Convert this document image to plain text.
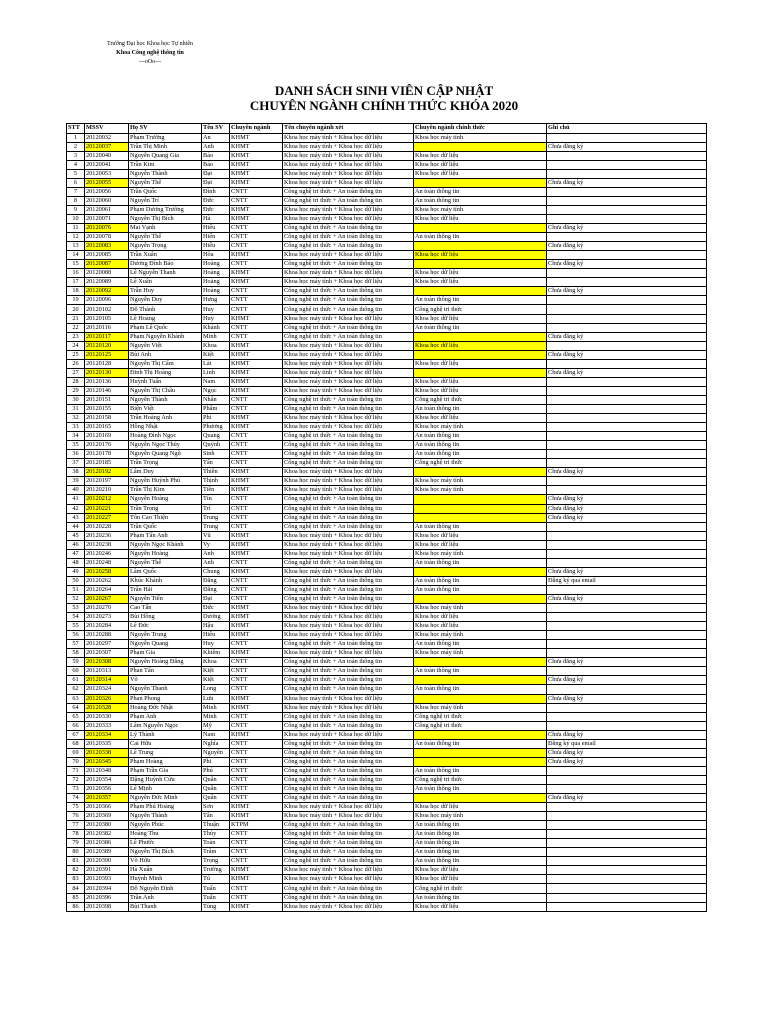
Trường Đại học Khoa học Tự nhiên
Khoa Công nghệ thông tin
---oOo---
DANH SÁCH SINH VIÊN CẬP NHẬT
CHUYÊN NGÀNH CHÍNH THỨC KHÓA 2020
STT	MSSV	Họ SV	Tên SV	Chuyên ngành	Tên chuyên ngành xét	Chuyên ngành chính thức	Ghi chú
1	20120032	Phạm Trường	An	KHMT	Khoa học máy tính + Khoa học dữ liệu	Khoa học máy tính	
2	20120037	Trần Thị Minh	Anh	KHMT	Khoa học máy tính + Khoa học dữ liệu		Chưa đăng ký
3	20120040	Nguyễn Quang Gia	Bảo	KHMT	Khoa học máy tính + Khoa học dữ liệu	Khoa học dữ liệu	
4	20120041	Trần Kim	Bảo	KHMT	Khoa học máy tính + Khoa học dữ liệu	Khoa học dữ liệu	
5	20120053	Nguyễn Thành	Đạt	KHMT	Khoa học máy tính + Khoa học dữ liệu	Khoa học dữ liệu	
6	20120055	Nguyễn Thế	Đạt	KHMT	Khoa học máy tính + Khoa học dữ liệu		Chưa đăng ký
7	20120056	Trần Quốc	Đình	CNTT	Công nghệ tri thức + An toàn thông tin	An toàn thông tin	
8	20120060	Nguyễn Trí	Đức	CNTT	Công nghệ tri thức + An toàn thông tin	An toàn thông tin	
9	20120061	Phạm Dương Trường	Đức	KHMT	Khoa học máy tính + Khoa học dữ liệu	Khoa học máy tính	
10	20120071	Nguyễn Thị Bích	Hà	KHMT	Khoa học máy tính + Khoa học dữ liệu	Khoa học dữ liệu	
11	20120076	Mai Vạnh	Hiếu	CNTT	Công nghệ tri thức + An toàn thông tin		Chưa đăng ký
12	20120078	Nguyễn Thế	Hiển	CNTT	Công nghệ tri thức + An toàn thông tin	An toàn thông tin	
13	20120083	Nguyễn Trọng	Hiếu	CNTT	Công nghệ tri thức + An toàn thông tin		Chưa đăng ký
14	20120085	Trần Xuân	Hòa	KHMT	Khoa học máy tính + Khoa học dữ liệu	Khoa học dữ liệu	
15	20120087	Dương Đình Bảo	Hoàng	CNTT	Công nghệ tri thức + An toàn thông tin		Chưa đăng ký
16	20120088	Lê Nguyễn Thanh	Hoàng	KHMT	Khoa học máy tính + Khoa học dữ liệu	Khoa học dữ liệu	
17	20120089	Lê Xuân	Hoàng	KHMT	Khoa học máy tính + Khoa học dữ liệu	Khoa học dữ liệu	
18	20120092	Trần Huy	Hoàng	CNTT	Công nghệ tri thức + An toàn thông tin		Chưa đăng ký
19	20120096	Nguyễn Duy	Hưng	CNTT	Công nghệ tri thức + An toàn thông tin	An toàn thông tin	
20	20120102	Đỗ Thành	Huy	CNTT	Công nghệ tri thức + An toàn thông tin	Công nghệ tri thức	
21	20120105	Lê Hoàng	Huy	KHMT	Khoa học máy tính + Khoa học dữ liệu	Khoa học dữ liệu	
22	20120116	Phạm Lê Quốc	Khánh	CNTT	Công nghệ tri thức + An toàn thông tin	An toàn thông tin	
23	20120117	Phạm Nguyễn Khánh	Minh	CNTT	Công nghệ tri thức + An toàn thông tin		Chưa đăng ký
24	20120120	Nguyễn Việt	Khoa	KHMT	Khoa học máy tính + Khoa học dữ liệu	Khoa học dữ liệu	
25	20120125	Bùi Anh	Kiệt	KHMT	Khoa học máy tính + Khoa học dữ liệu		Chưa đăng ký
26	20120128	Nguyễn Thị Cẩm	Lài	KHMT	Khoa học máy tính + Khoa học dữ liệu	Khoa học dữ liệu	
27	20120130	Đinh Thị Hoàng	Linh	KHMT	Khoa học máy tính + Khoa học dữ liệu		Chưa đăng ký
28	20120136	Huỳnh Tuấn	Nam	KHMT	Khoa học máy tính + Khoa học dữ liệu	Khoa học dữ liệu	
29	20120146	Nguyễn Thị Châu	Ngọc	KHMT	Khoa học máy tính + Khoa học dữ liệu	Khoa học dữ liệu	
30	20120151	Nguyễn Thành	Nhân	CNTT	Công nghệ tri thức + An toàn thông tin	Công nghệ tri thức	
31	20120155	Biện Việt	Phẩm	CNTT	Công nghệ tri thức + An toàn thông tin	An toàn thông tin	
32	20120158	Trần Hoàng Anh	Phi	KHMT	Khoa học máy tính + Khoa học dữ liệu	Khoa học dữ liệu	
33	20120165	Hồng Nhật	Phương	KHMT	Khoa học máy tính + Khoa học dữ liệu	Khoa học máy tính	
34	20120169	Hoàng Đình Ngọc	Quang	CNTT	Công nghệ tri thức + An toàn thông tin	An toàn thông tin	
35	20120176	Nguyễn Ngọc Thúy	Quỳnh	CNTT	Công nghệ tri thức + An toàn thông tin	An toàn thông tin	
36	20120178	Nguyễn Quang Ngũ	Sinh	CNTT	Công nghệ tri thức + An toàn thông tin	An toàn thông tin	
37	20120185	Trần Trọng	Tấn	CNTT	Công nghệ tri thức + An toàn thông tin	Công nghệ tri thức	
38	20120192	Lâm Duy	Thiên	KHMT	Khoa học máy tính + Khoa học dữ liệu		Chưa đăng ký
39	20120197	Nguyễn Huỳnh Phú	Thịnh	KHMT	Khoa học máy tính + Khoa học dữ liệu	Khoa học máy tính	
40	20120210	Trần Thị Kim	Tiền	KHMT	Khoa học máy tính + Khoa học dữ liệu	Khoa học máy tính	
41	20120212	Nguyễn Hoàng	Tín	CNTT	Công nghệ tri thức + An toàn thông tin		Chưa đăng ký
42	20120221	Trần Trọng	Trí	CNTT	Công nghệ tri thức + An toàn thông tin		Chưa đăng ký
43	20120227	Tôn Cao Thiện	Trung	CNTT	Công nghệ tri thức + An toàn thông tin		Chưa đăng ký
44	20120228	Trần Quốc	Trung	CNTT	Công nghệ tri thức + An toàn thông tin	An toàn thông tin	
45	20120236	Phạm Tấn Anh	Vũ	KHMT	Khoa học máy tính + Khoa học dữ liệu	Khoa học dữ liệu	
46	20120238	Nguyễn Ngọc Khánh	Vy	KHMT	Khoa học máy tính + Khoa học dữ liệu	Khoa học dữ liệu	
47	20120246	Nguyễn Hoàng	Anh	KHMT	Khoa học máy tính + Khoa học dữ liệu	Khoa học máy tính	
48	20120248	Nguyễn Thế	Anh	CNTT	Công nghệ tri thức + An toàn thông tin	An toàn thông tin	
49	20120258	Lâm Quốc	Chung	KHMT	Khoa học máy tính + Khoa học dữ liệu		Chưa đăng ký
50	20120262	Khúc Khánh	Đăng	CNTT	Công nghệ tri thức + An toàn thông tin	An toàn thông tin	Đăng ký qua email
51	20120264	Trần Hải	Đăng	CNTT	Công nghệ tri thức + An toàn thông tin	An toàn thông tin	
52	20120267	Nguyễn Tiến	Đạt	CNTT	Công nghệ tri thức + An toàn thông tin		Chưa đăng ký
53	20120270	Cao Tấn	Đức	KHMT	Khoa học máy tính + Khoa học dữ liệu	Khoa học máy tính	
54	20120273	Bùi Hồng	Dương	KHMT	Khoa học máy tính + Khoa học dữ liệu	Khoa học dữ liệu	
55	20120284	Lê Đức	Hậu	KHMT	Khoa học máy tính + Khoa học dữ liệu	Khoa học dữ liệu	
56	20120288	Nguyễn Trung	Hiếu	KHMT	Khoa học máy tính + Khoa học dữ liệu	Khoa học máy tính	
57	20120297	Nguyễn Quang	Huy	CNTT	Công nghệ tri thức + An toàn thông tin	An toàn thông tin	
58	20120307	Phạm Gia	Khiêm	KHMT	Khoa học máy tính + Khoa học dữ liệu	Khoa học máy tính	
59	20120308	Nguyễn Hoàng Đăng	Khoa	CNTT	Công nghệ tri thức + An toàn thông tin		Chưa đăng ký
60	20120313	Phan Tấn	Kiệt	CNTT	Công nghệ tri thức + An toàn thông tin	An toàn thông tin	
61	20120314	Võ	Kiệt	CNTT	Công nghệ tri thức + An toàn thông tin		Chưa đăng ký
62	20120324	Nguyễn Thanh	Long	CNTT	Công nghệ tri thức + An toàn thông tin	An toàn thông tin	
63	20120326	Phan Phong	Lưu	KHMT	Khoa học máy tính + Khoa học dữ liệu		Chưa đăng ký
64	20120328	Hoàng Đức Nhật	Minh	KHMT	Khoa học máy tính + Khoa học dữ liệu	Khoa học máy tính	
65	20120330	Phạm Anh	Minh	CNTT	Công nghệ tri thức + An toàn thông tin	Công nghệ tri thức	
66	20120333	Lâm Nguyễn Ngọc	Mỹ	CNTT	Công nghệ tri thức + An toàn thông tin	Công nghệ tri thức	
67	20120334	Lý Thành	Nam	KHMT	Khoa học máy tính + Khoa học dữ liệu		Chưa đăng ký
68	20120335	Cai Hữu	Nghĩa	CNTT	Công nghệ tri thức + An toàn thông tin	An toàn thông tin	Đăng ký qua email
69	20120338	Lê Trung	Nguyên	CNTT	Công nghệ tri thức + An toàn thông tin		Chưa đăng ký
70	20120345	Phạm Hoàng	Phi	CNTT	Công nghệ tri thức + An toàn thông tin		Chưa đăng ký
71	20120348	Phạm Trần Gia	Phú	CNTT	Công nghệ tri thức + An toàn thông tin	An toàn thông tin	
72	20120354	Đặng Huỳnh Cửu	Quân	CNTT	Công nghệ tri thức + An toàn thông tin	Công nghệ tri thức	
73	20120356	Lê Minh	Quân	CNTT	Công nghệ tri thức + An toàn thông tin	An toàn thông tin	
74	20120357	Nguyễn Đức Minh	Quân	CNTT	Công nghệ tri thức + An toàn thông tin		Chưa đăng ký
75	20120366	Phạm Phú Hoàng	Sơn	KHMT	Khoa học máy tính + Khoa học dữ liệu	Khoa học dữ liệu	
76	20120369	Nguyễn Thành	Tân	KHMT	Khoa học máy tính + Khoa học dữ liệu	Khoa học máy tính	
77	20120380	Nguyễn Phúc	Thuận	KTPM	Công nghệ tri thức + An toàn thông tin	An toàn thông tin	
78	20120382	Hoàng Thu	Thủy	CNTT	Công nghệ tri thức + An toàn thông tin	An toàn thông tin	
79	20120386	Lê Phước	Toàn	CNTT	Công nghệ tri thức + An toàn thông tin	An toàn thông tin	
80	20120389	Nguyễn Thị Bích	Trâm	CNTT	Công nghệ tri thức + An toàn thông tin	An toàn thông tin	
81	20120390	Võ Hữu	Trọng	CNTT	Công nghệ tri thức + An toàn thông tin	An toàn thông tin	
82	20120391	Hà Xuân	Trường	KHMT	Khoa học máy tính + Khoa học dữ liệu	Khoa học dữ liệu	
83	20120393	Huỳnh Minh	Tú	KHMT	Khoa học máy tính + Khoa học dữ liệu	Khoa học dữ liệu	
84	20120394	Đỗ Nguyễn Đình	Tuấn	CNTT	Công nghệ tri thức + An toàn thông tin	Công nghệ tri thức	
85	20120396	Trần Anh	Tuấn	CNTT	Công nghệ tri thức + An toàn thông tin	An toàn thông tin	
86	20120398	Bùi Thanh	Tùng	KHMT	Khoa học máy tính + Khoa học dữ liệu	Khoa học dữ liệu	
